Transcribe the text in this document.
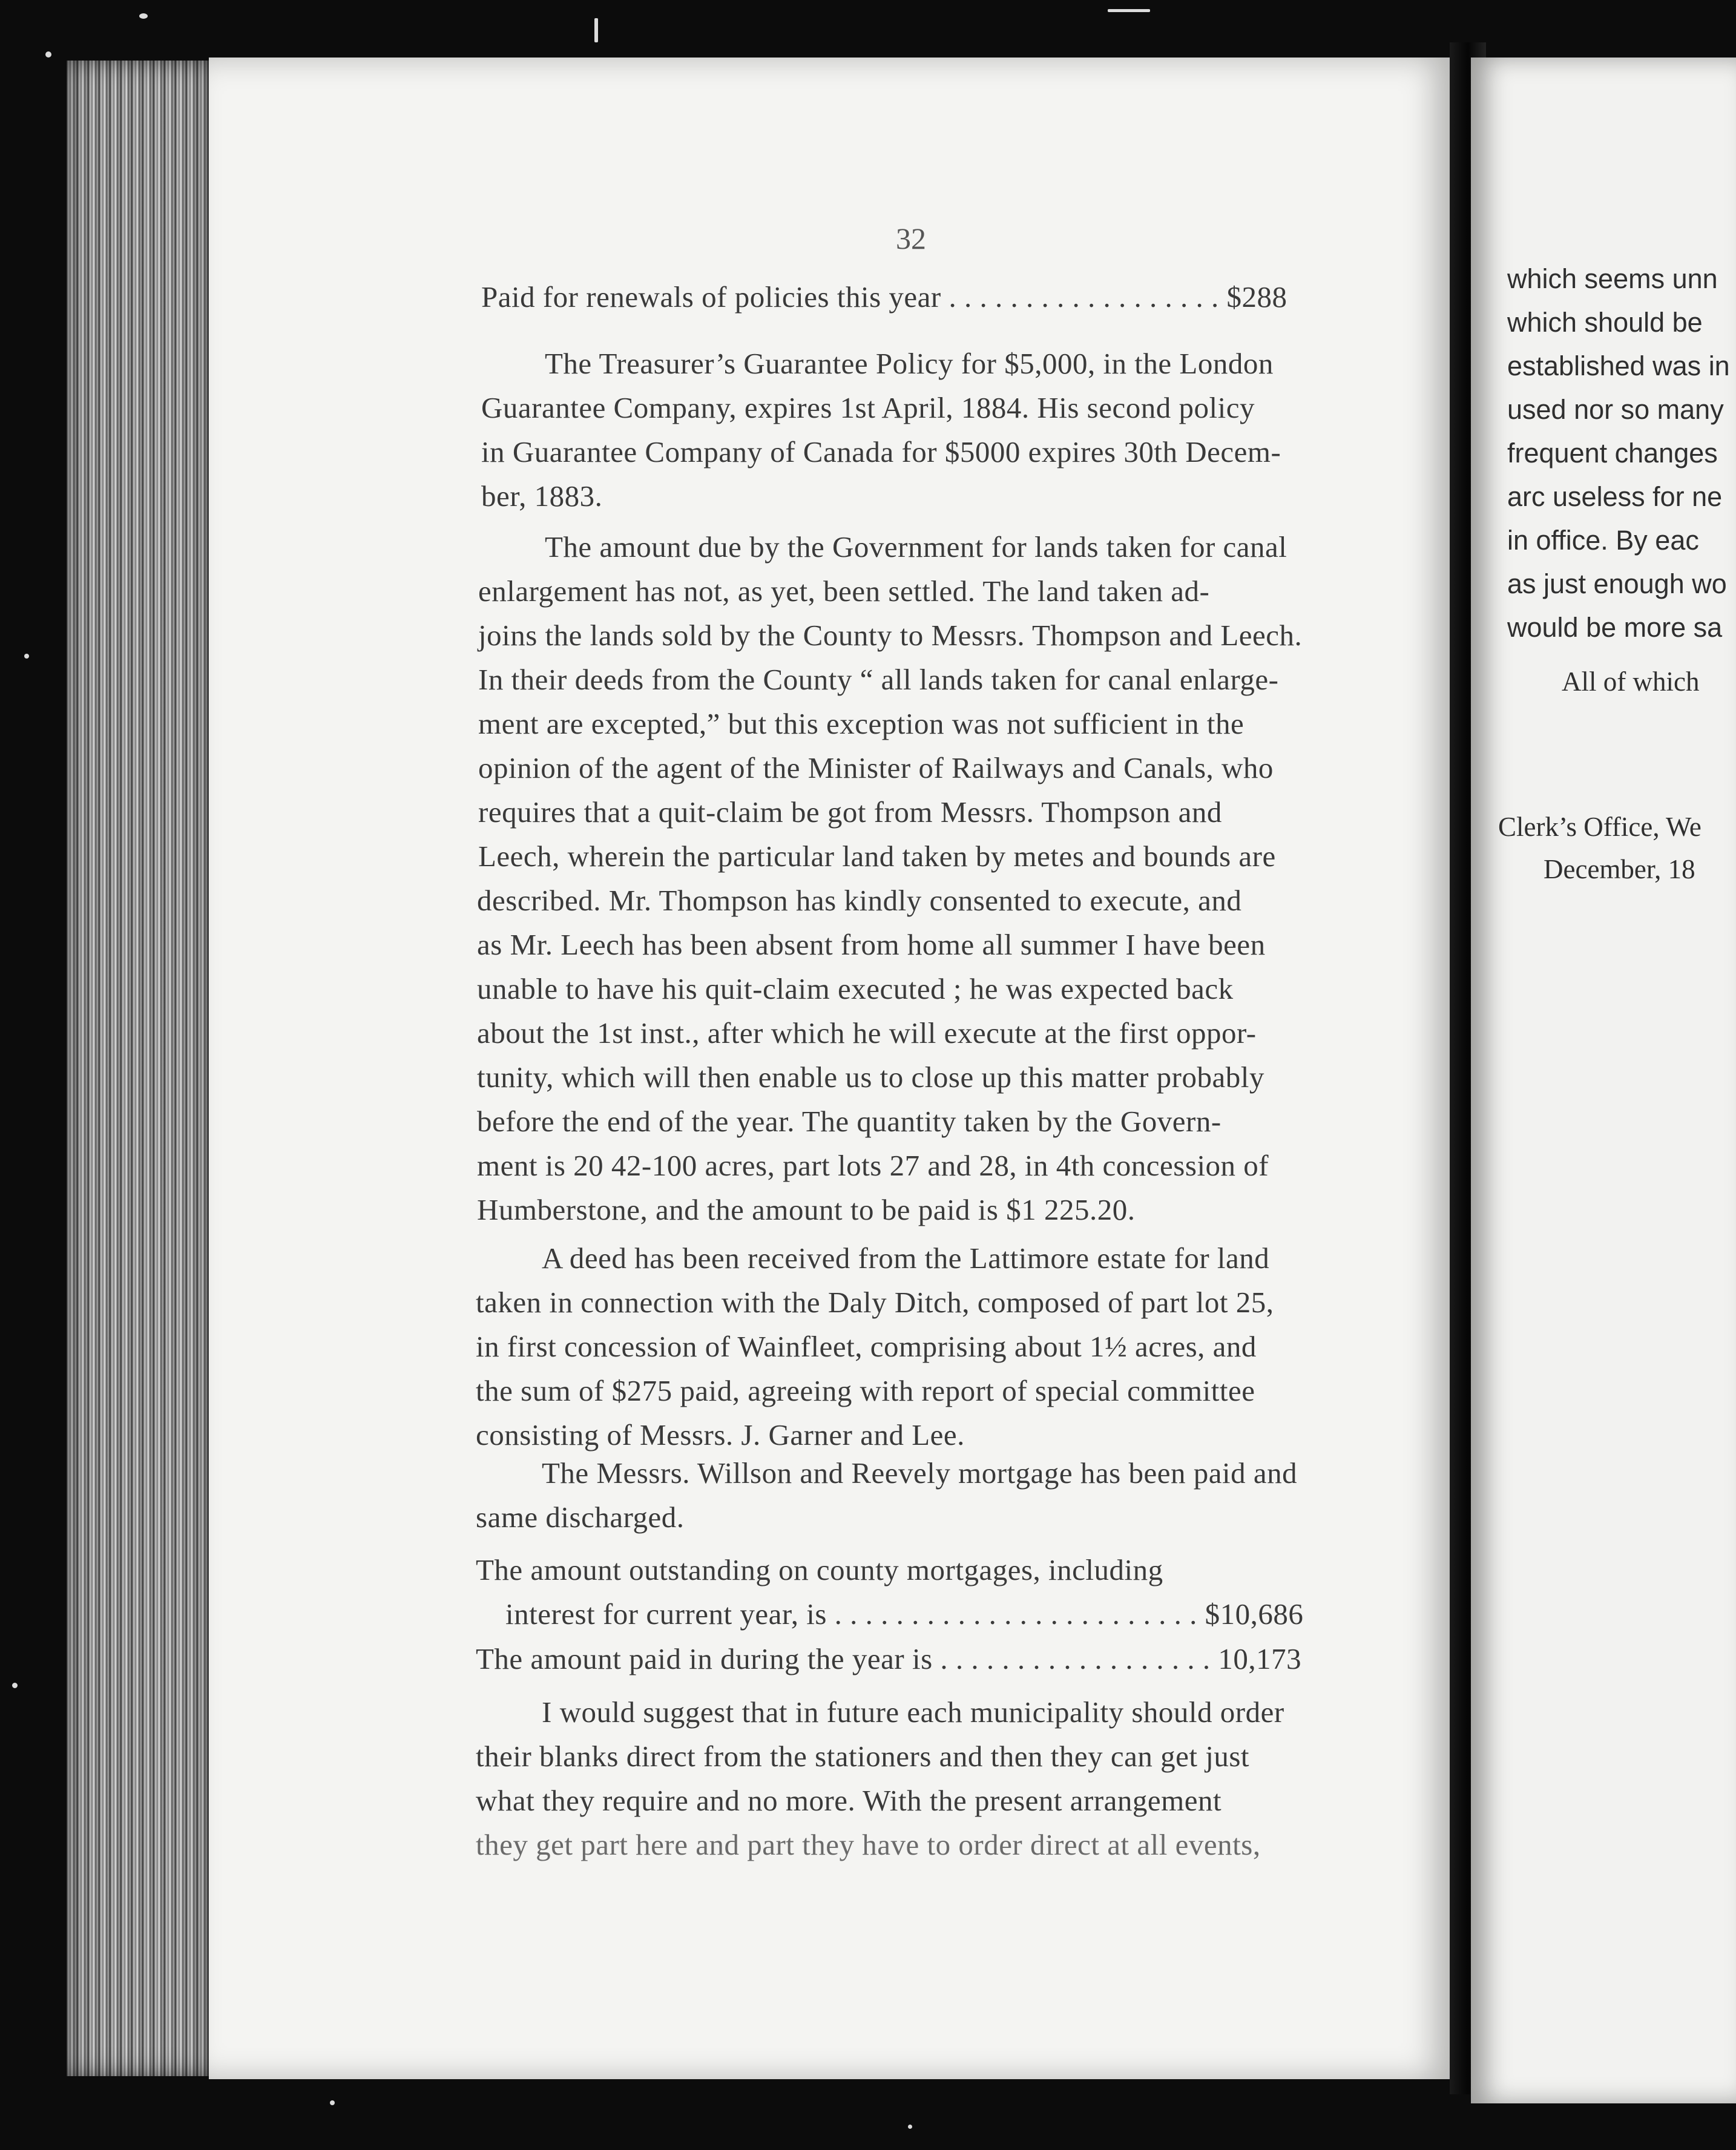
32
Paid for renewals of policies this year . . . . . . . . . . . . . . . . . . $288
The Treasurer’s Guarantee Policy for $5,000, in the London
Guarantee Company, expires 1st April, 1884. His second policy
in Guarantee Company of Canada for $5000 expires 30th Decem-
ber, 1883.
The amount due by the Government for lands taken for canal
enlargement has not, as yet, been settled. The land taken ad-
joins the lands sold by the County to Messrs. Thompson and Leech.
In their deeds from the County “ all lands taken for canal enlarge-
ment are excepted,” but this exception was not sufficient in the
opinion of the agent of the Minister of Railways and Canals, who
requires that a quit-claim be got from Messrs. Thompson and
Leech, wherein the particular land taken by metes and bounds are
described. Mr. Thompson has kindly consented to execute, and
as Mr. Leech has been absent from home all summer I have been
unable to have his quit-claim executed ; he was expected back
about the 1st inst., after which he will execute at the first oppor-
tunity, which will then enable us to close up this matter probably
before the end of the year. The quantity taken by the Govern-
ment is 20 42-100 acres, part lots 27 and 28, in 4th concession of
Humberstone, and the amount to be paid is $1 225.20.
A deed has been received from the Lattimore estate for land
taken in connection with the Daly Ditch, composed of part lot 25,
in first concession of Wainfleet, comprising about 1½ acres, and
the sum of $275 paid, agreeing with report of special committee
consisting of Messrs. J. Garner and Lee.
The Messrs. Willson and Reevely mortgage has been paid and
same discharged.
The amount outstanding on county mortgages, including
interest for current year, is . . . . . . . . . . . . . . . . . . . . . . . . $10,686
The amount paid in during the year is . . . . . . . . . . . . . . . . . . 10,173
I would suggest that in future each municipality should order
their blanks direct from the stationers and then they can get just
what they require and no more. With the present arrangement
they get part here and part they have to order direct at all events,
which seems unn
which should be
established was in
used nor so many
frequent changes
arc useless for ne
in office. By eac
as just enough wo
would be more sa
All of which
Clerk’s Office, We
December, 18
